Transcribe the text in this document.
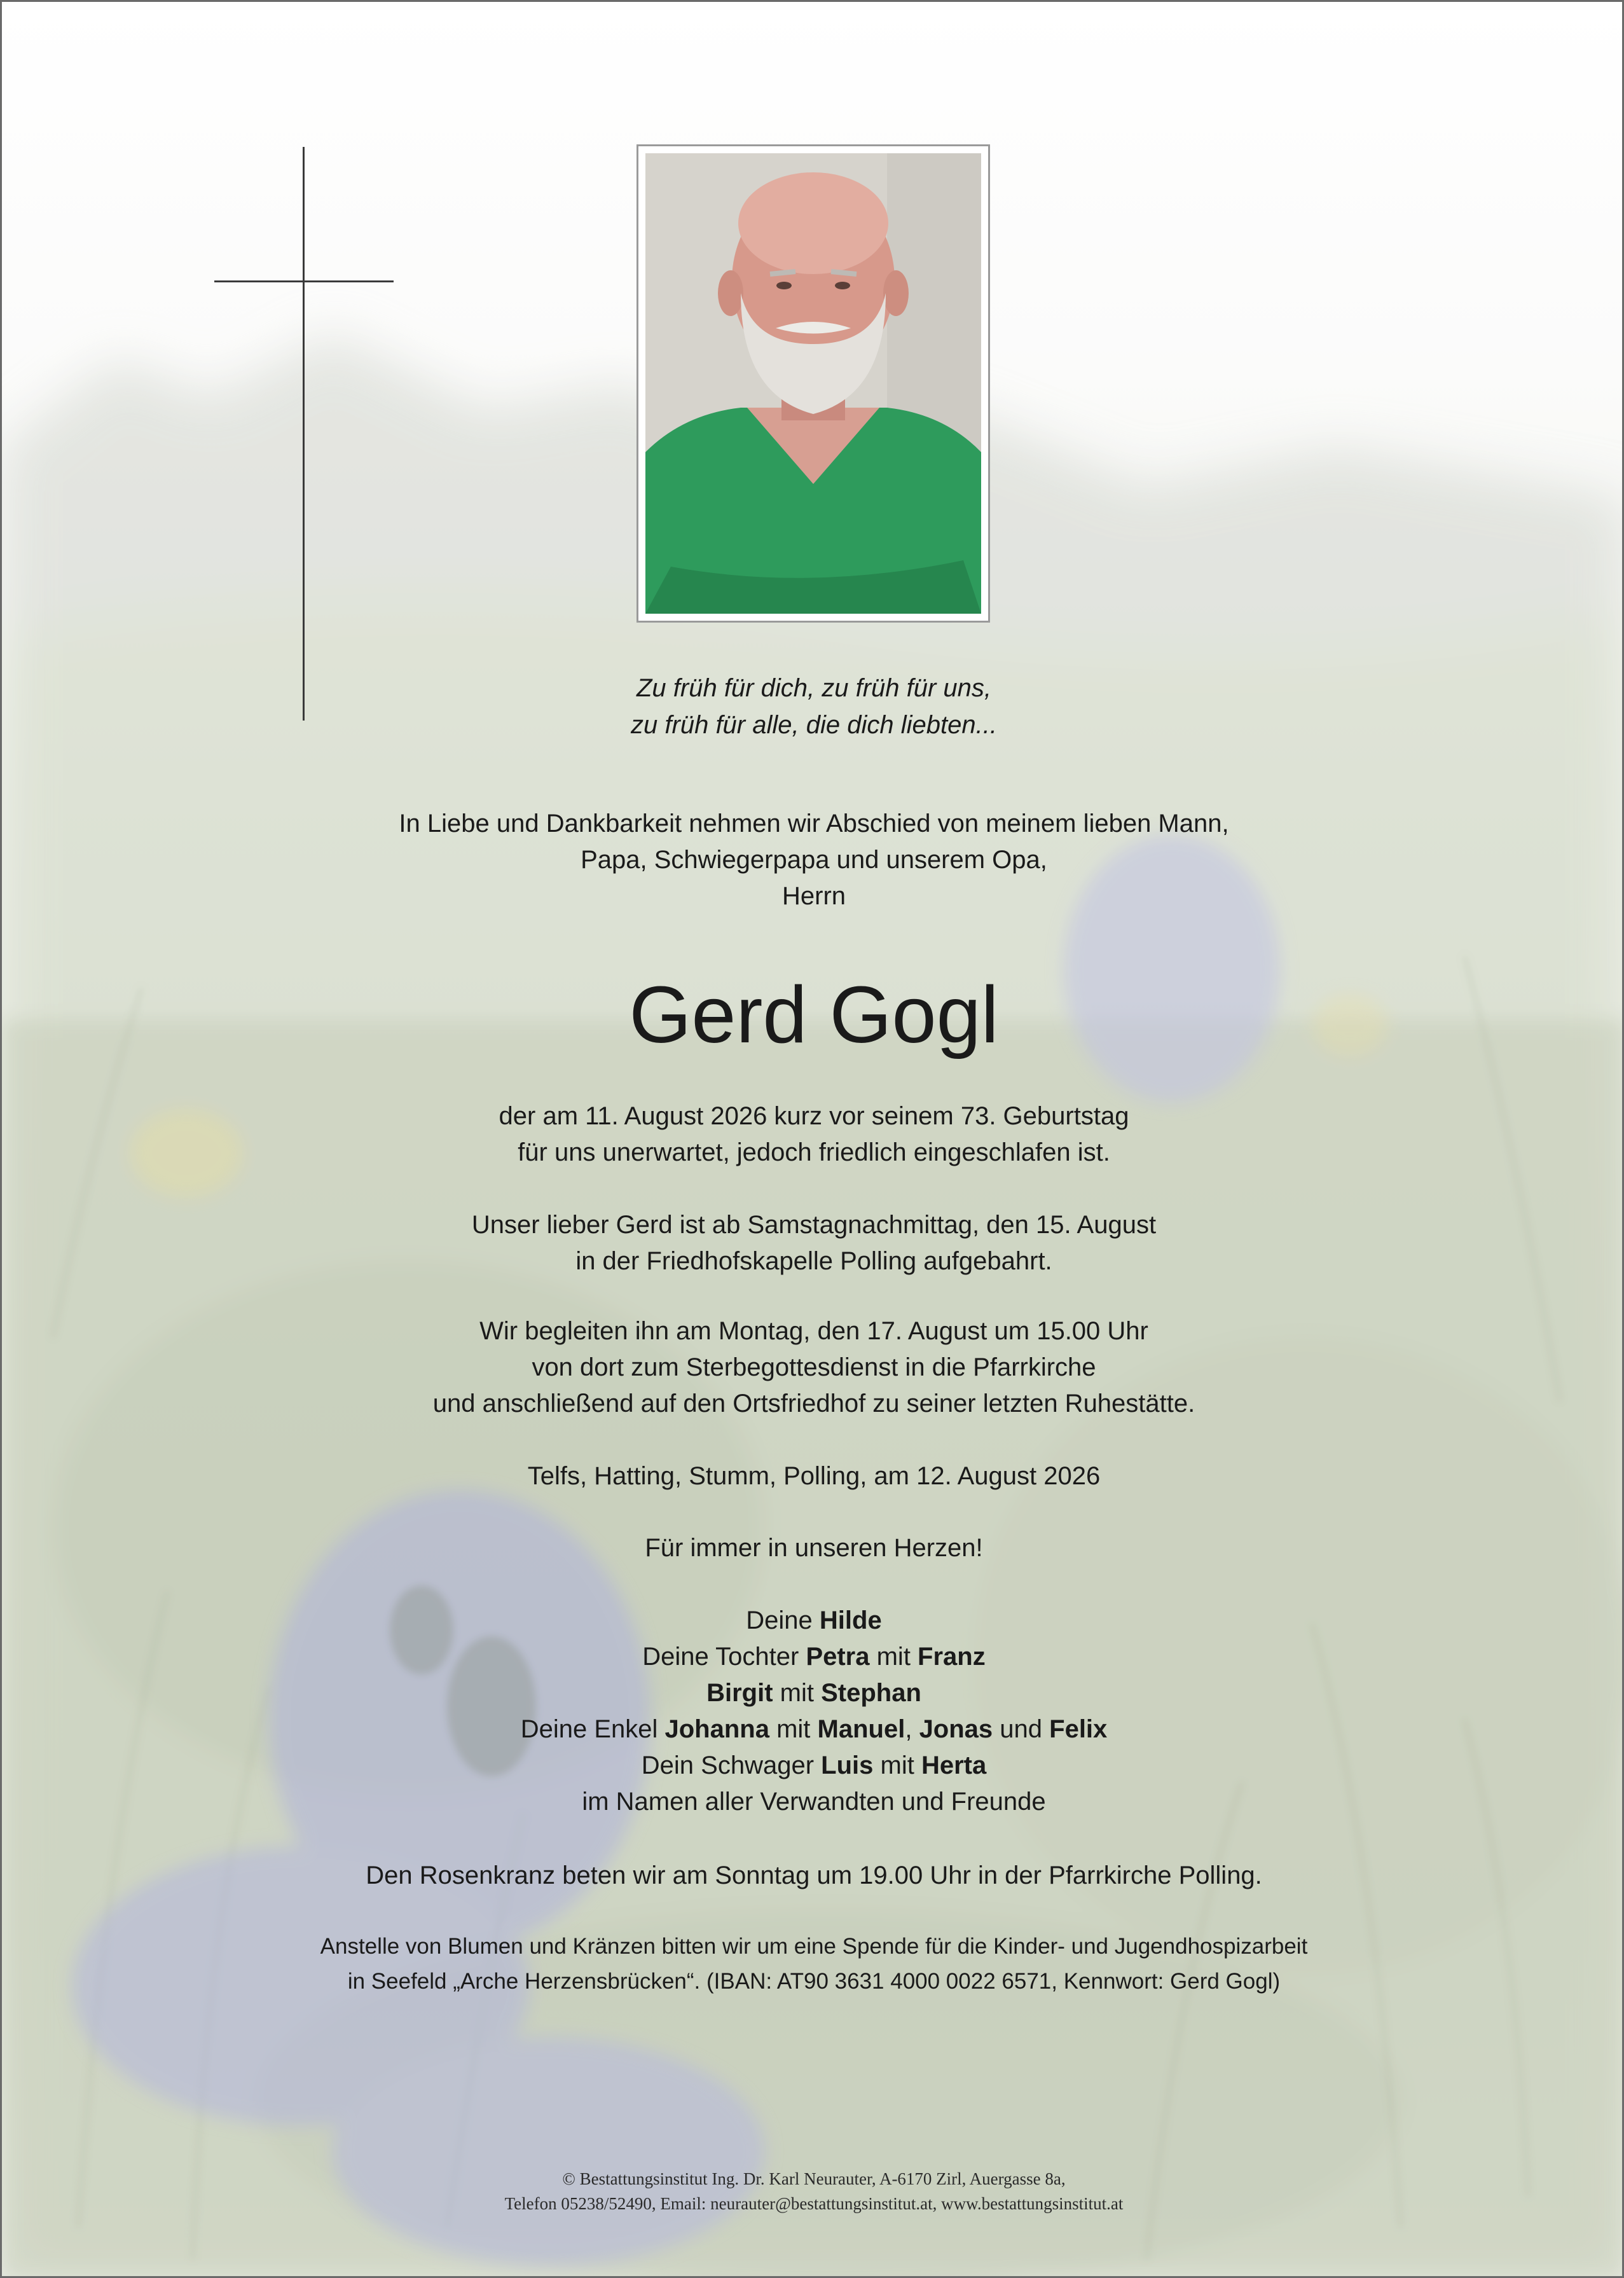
Zu früh für dich, zu früh für uns,
zu früh für alle, die dich liebten...
In Liebe und Dankbarkeit nehmen wir Abschied von meinem lieben Mann,
Papa, Schwiegerpapa und unserem Opa,
Herrn
Gerd Gogl
der am 11. August 2026 kurz vor seinem 73. Geburtstag
für uns unerwartet, jedoch friedlich eingeschlafen ist.
Unser lieber Gerd ist ab Samstagnachmittag, den 15. August
in der Friedhofskapelle Polling aufgebahrt.
Wir begleiten ihn am Montag, den 17. August um 15.00 Uhr
von dort zum Sterbegottesdienst in die Pfarrkirche
und anschließend auf den Ortsfriedhof zu seiner letzten Ruhestätte.
Telfs, Hatting, Stumm, Polling, am 12. August 2026
Für immer in unseren Herzen!
Deine Hilde
Deine Tochter Petra mit Franz
Birgit mit Stephan
Deine Enkel Johanna mit Manuel, Jonas und Felix
Dein Schwager Luis mit Herta
im Namen aller Verwandten und Freunde
Den Rosenkranz beten wir am Sonntag um 19.00 Uhr in der Pfarrkirche Polling.
Anstelle von Blumen und Kränzen bitten wir um eine Spende für die Kinder- und Jugendhospizarbeit
in Seefeld „Arche Herzensbrücken“. (IBAN: AT90 3631 4000 0022 6571, Kennwort: Gerd Gogl)
© Bestattungsinstitut Ing. Dr. Karl Neurauter, A-6170 Zirl, Auergasse 8a,
Telefon 05238/52490, Email: neurauter@bestattungsinstitut.at, www.bestattungsinstitut.at
